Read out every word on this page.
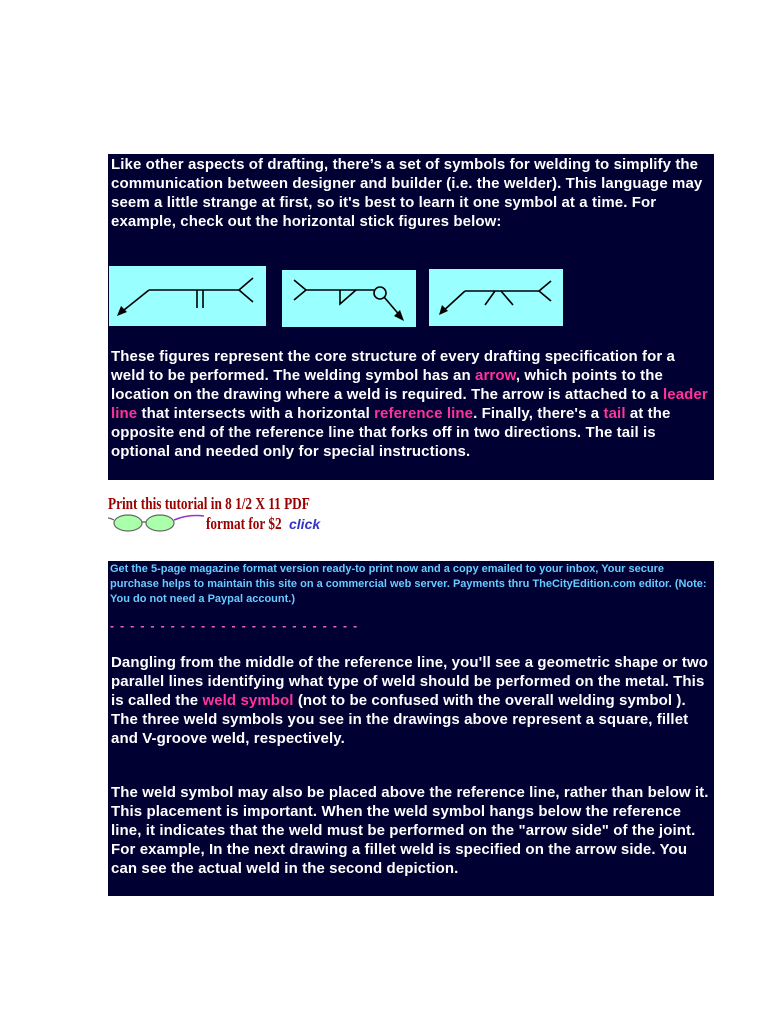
Like other aspects of drafting, there’s a set of symbols for welding to simplify the communication between designer and builder (i.e. the welder). This language may seem a little strange at first, so it's best to learn it one symbol at a time. For example, check out the horizontal stick figures below:

These figures represent the core structure of every drafting specification for a weld to be performed. The welding symbol has an arrow, which points to the location on the drawing where a weld is required. The arrow is attached to a leader line that intersects with a horizontal reference line. Finally, there's a tail at the opposite end of the reference line that forks off in two directions. The tail is optional and needed only for special instructions.

Print this tutorial in 8 1/2 X 11 PDF
format for $2 click

Get the 5-page magazine format version ready-to print now and a copy emailed to your inbox, Your secure purchase helps to maintain this site on a commercial web server. Payments thru TheCityEdition.com editor. (Note: You do not need a Paypal account.)

- - - - - - - - - - - - - - - - - - - - - - - - -

Dangling from the middle of the reference line, you'll see a geometric shape or two parallel lines identifying what type of weld should be performed on the metal. This is called the weld symbol (not to be confused with the overall welding symbol ). The three weld symbols you see in the drawings above represent a square, fillet and V-groove weld, respectively.

The weld symbol may also be placed above the reference line, rather than below it. This placement is important. When the weld symbol hangs below the reference line, it indicates that the weld must be performed on the "arrow side" of the joint. For example, In the next drawing a fillet weld is specified on the arrow side. You can see the actual weld in the second depiction.
